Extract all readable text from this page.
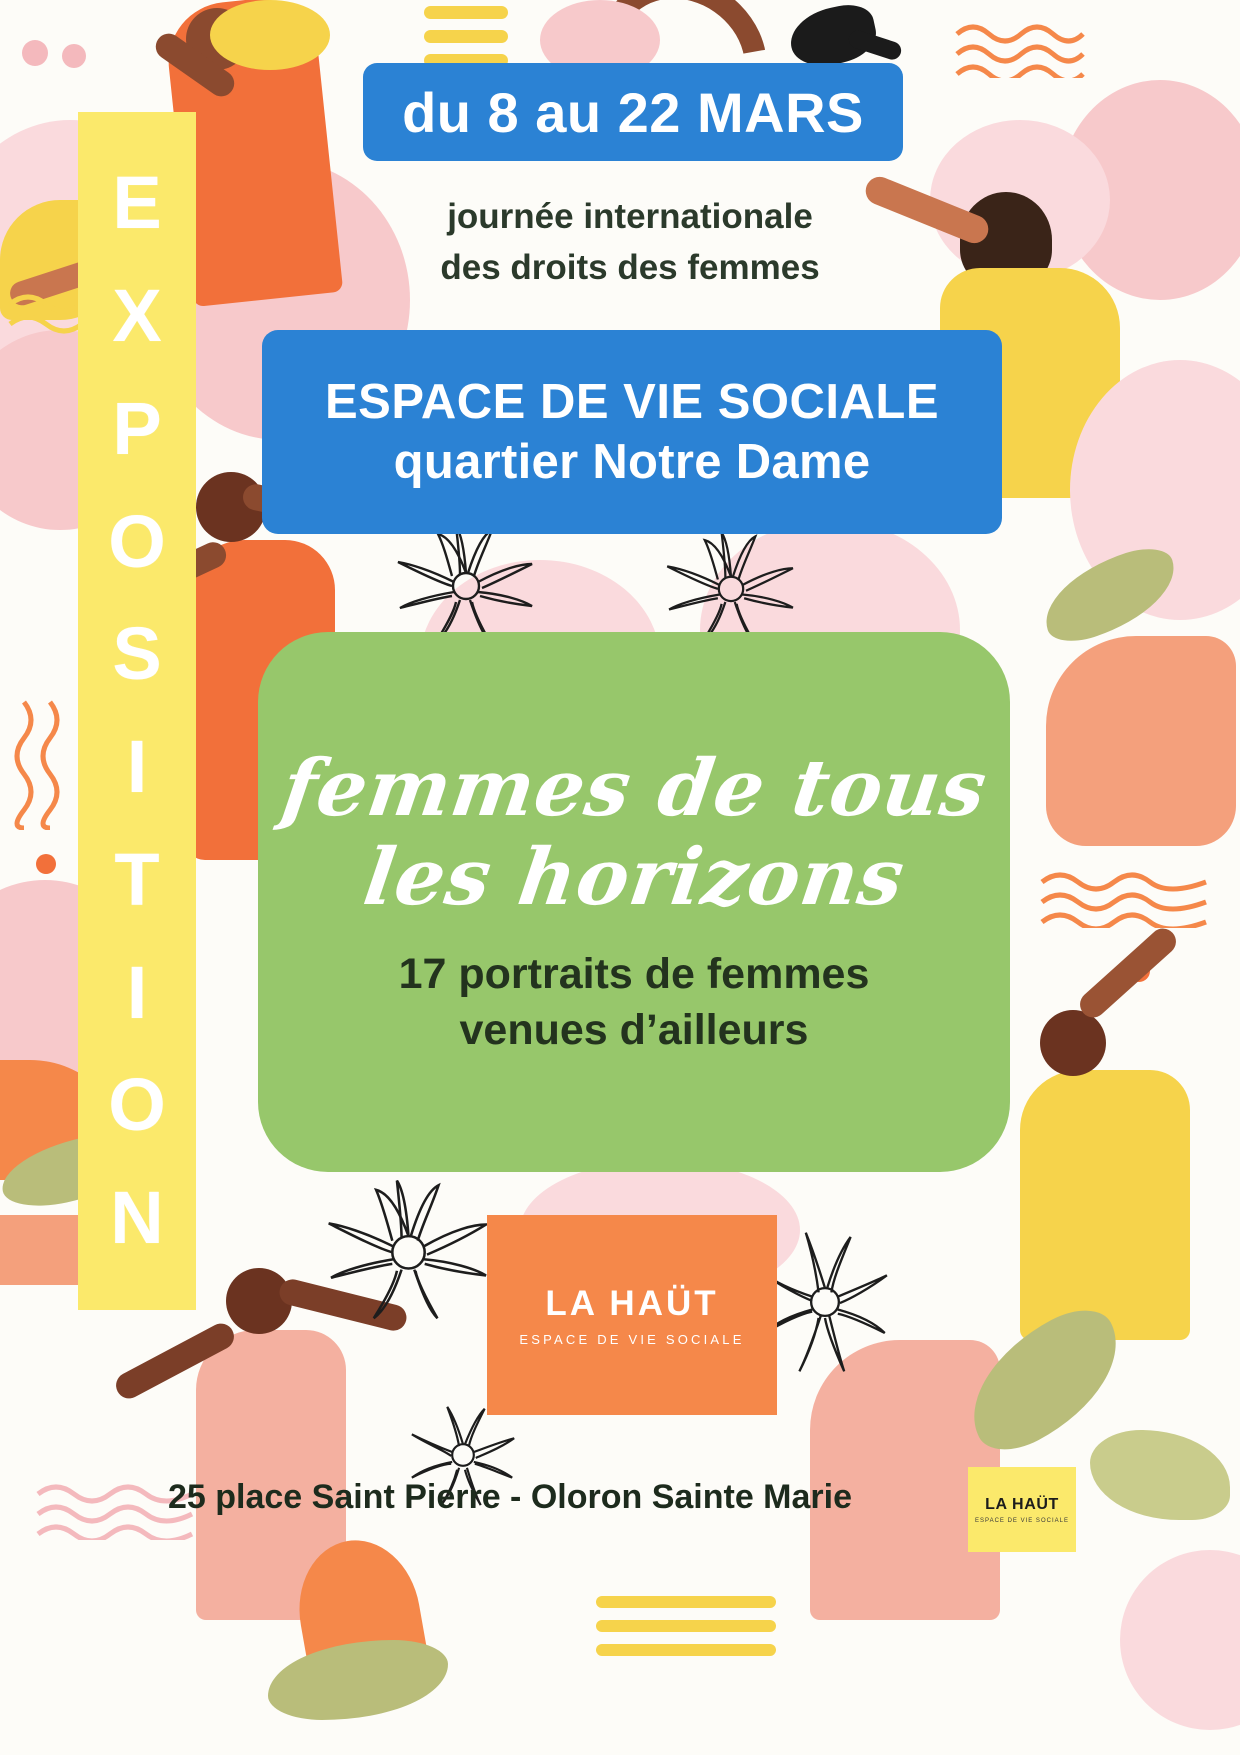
E
X
P
O
S
I
T
I
O
N
du 8 au 22 MARS
journée internationale
des droits des femmes
ESPACE DE VIE SOCIALE
quartier Notre Dame
femmes de tous
les horizons
17 portraits de femmes
venues d’ailleurs
LA HAÜT
ESPACE DE VIE SOCIALE
LA HAÜT
ESPACE DE VIE SOCIALE
25 place Saint Pierre - Oloron Sainte Marie
